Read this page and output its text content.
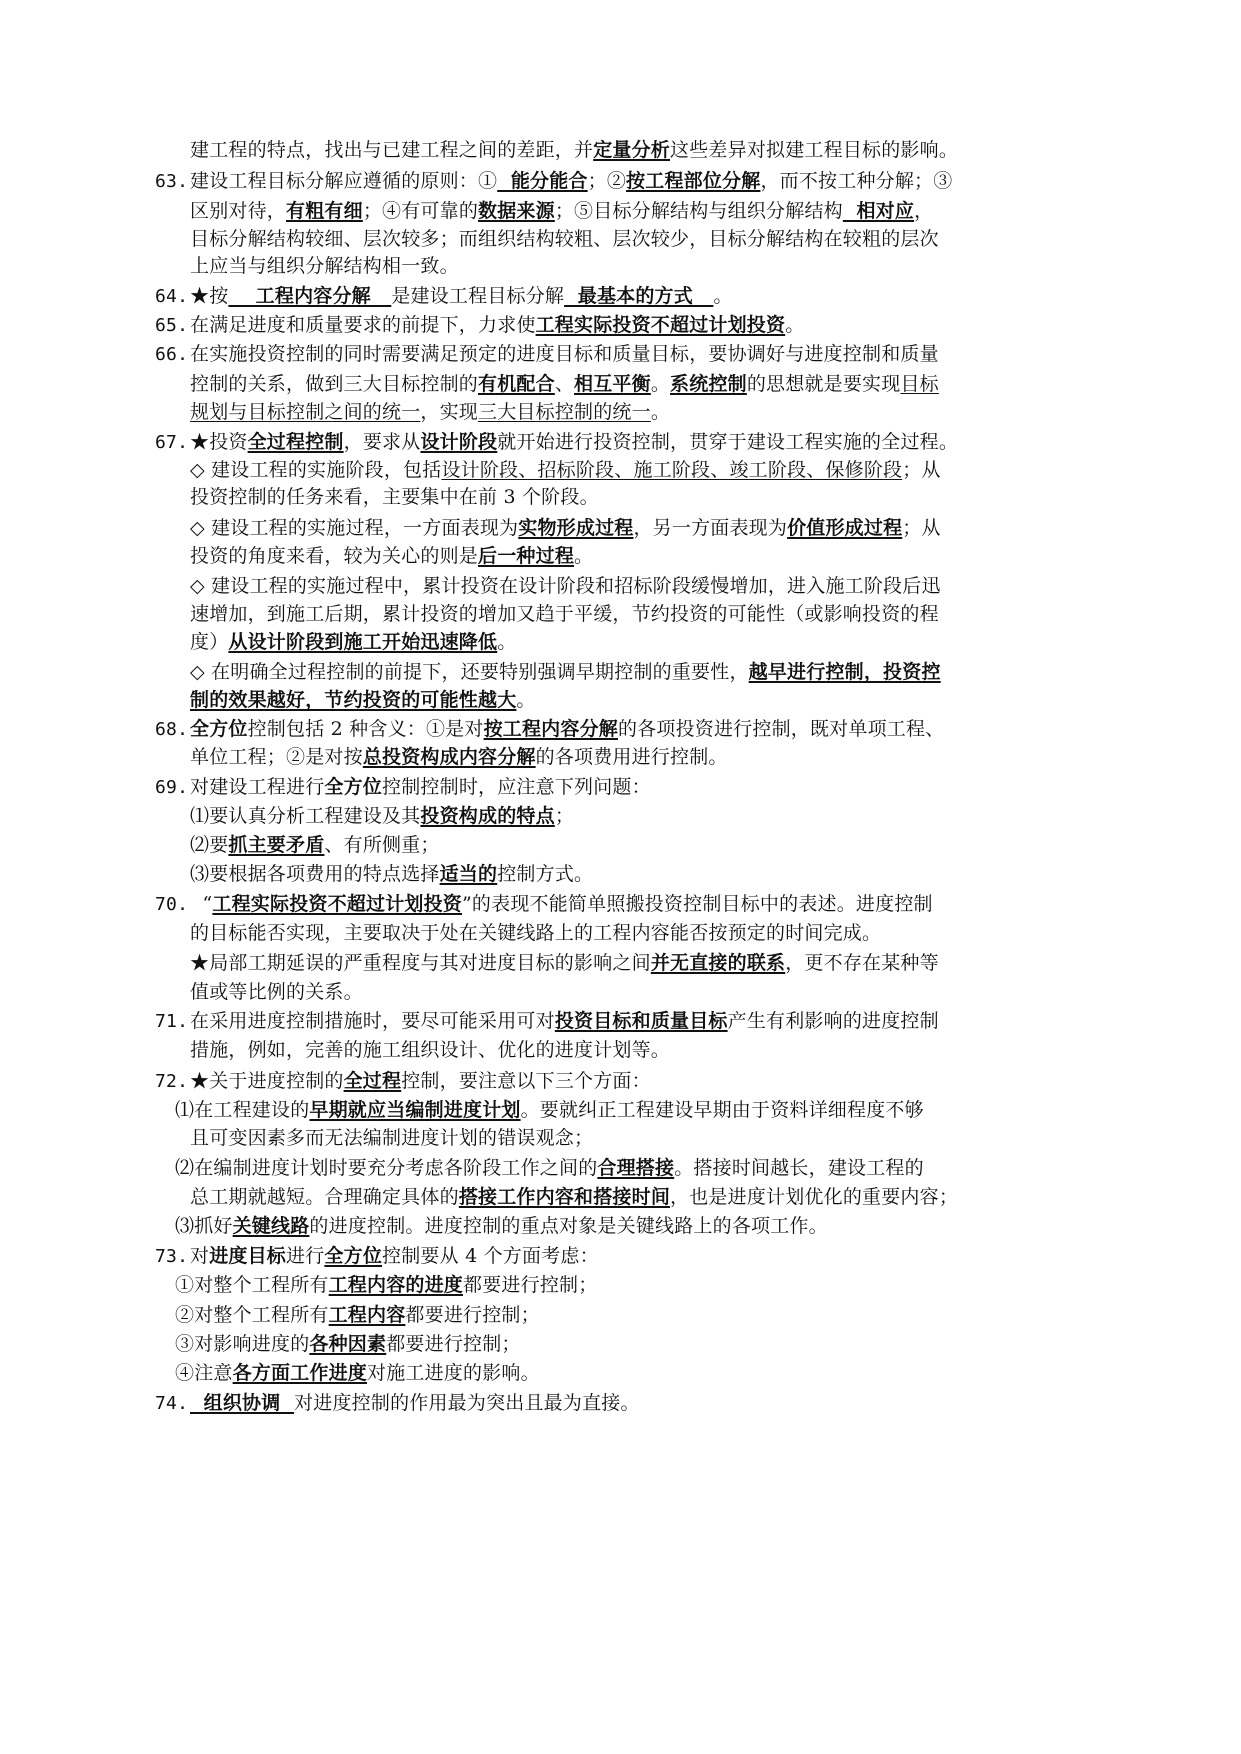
建工程的特点，找出与已建工程之间的差距，并定量分析这些差异对拟建工程目标的影响。
63.建设工程目标分解应遵循的原则：①  能分能合；②按工程部位分解，而不按工种分解；③
区别对待，有粗有细；④有可靠的数据来源；⑤目标分解结构与组织分解结构  相对应，
目标分解结构较细、层次较多；而组织结构较粗、层次较少，目标分解结构在较粗的层次
上应当与组织分解结构相一致。
64.★按    工程内容分解   是建设工程目标分解  最基本的方式   。
65.在满足进度和质量要求的前提下，力求使工程实际投资不超过计划投资。
66.在实施投资控制的同时需要满足预定的进度目标和质量目标，要协调好与进度控制和质量
控制的关系，做到三大目标控制的有机配合、相互平衡。系统控制的思想就是要实现目标
规划与目标控制之间的统一，实现三大目标控制的统一。
67.★投资全过程控制，要求从设计阶段就开始进行投资控制，贯穿于建设工程实施的全过程。
◇ 建设工程的实施阶段，包括设计阶段、招标阶段、施工阶段、竣工阶段、保修阶段；从
投资控制的任务来看，主要集中在前 3 个阶段。
◇ 建设工程的实施过程，一方面表现为实物形成过程，另一方面表现为价值形成过程；从
投资的角度来看，较为关心的则是后一种过程。
◇ 建设工程的实施过程中，累计投资在设计阶段和招标阶段缓慢增加，进入施工阶段后迅
速增加，到施工后期，累计投资的增加又趋于平缓，节约投资的可能性（或影响投资的程
度）从设计阶段到施工开始迅速降低。
◇ 在明确全过程控制的前提下，还要特别强调早期控制的重要性，越早进行控制，投资控
制的效果越好，节约投资的可能性越大。
68.全方位控制包括 2 种含义：①是对按工程内容分解的各项投资进行控制，既对单项工程、
单位工程；②是对按总投资构成内容分解的各项费用进行控制。
69.对建设工程进行全方位控制控制时，应注意下列问题：
⑴要认真分析工程建设及其投资构成的特点；
⑵要抓主要矛盾、有所侧重；
⑶要根据各项费用的特点选择适当的控制方式。
70.  “工程实际投资不超过计划投资”的表现不能简单照搬投资控制目标中的表述。进度控制
的目标能否实现，主要取决于处在关键线路上的工程内容能否按预定的时间完成。
★局部工期延误的严重程度与其对进度目标的影响之间并无直接的联系，更不存在某种等
值或等比例的关系。
71.在采用进度控制措施时，要尽可能采用可对投资目标和质量目标产生有利影响的进度控制
措施，例如，完善的施工组织设计、优化的进度计划等。
72.★关于进度控制的全过程控制，要注意以下三个方面：
⑴在工程建设的早期就应当编制进度计划。要就纠正工程建设早期由于资料详细程度不够
且可变因素多而无法编制进度计划的错误观念；
⑵在编制进度计划时要充分考虑各阶段工作之间的合理搭接。搭接时间越长，建设工程的
总工期就越短。合理确定具体的搭接工作内容和搭接时间，也是进度计划优化的重要内容；
⑶抓好关键线路的进度控制。进度控制的重点对象是关键线路上的各项工作。
73.对进度目标进行全方位控制要从 4 个方面考虑：
①对整个工程所有工程内容的进度都要进行控制；
②对整个工程所有工程内容都要进行控制；
③对影响进度的各种因素都要进行控制；
④注意各方面工作进度对施工进度的影响。
74.  组织协调  对进度控制的作用最为突出且最为直接。
